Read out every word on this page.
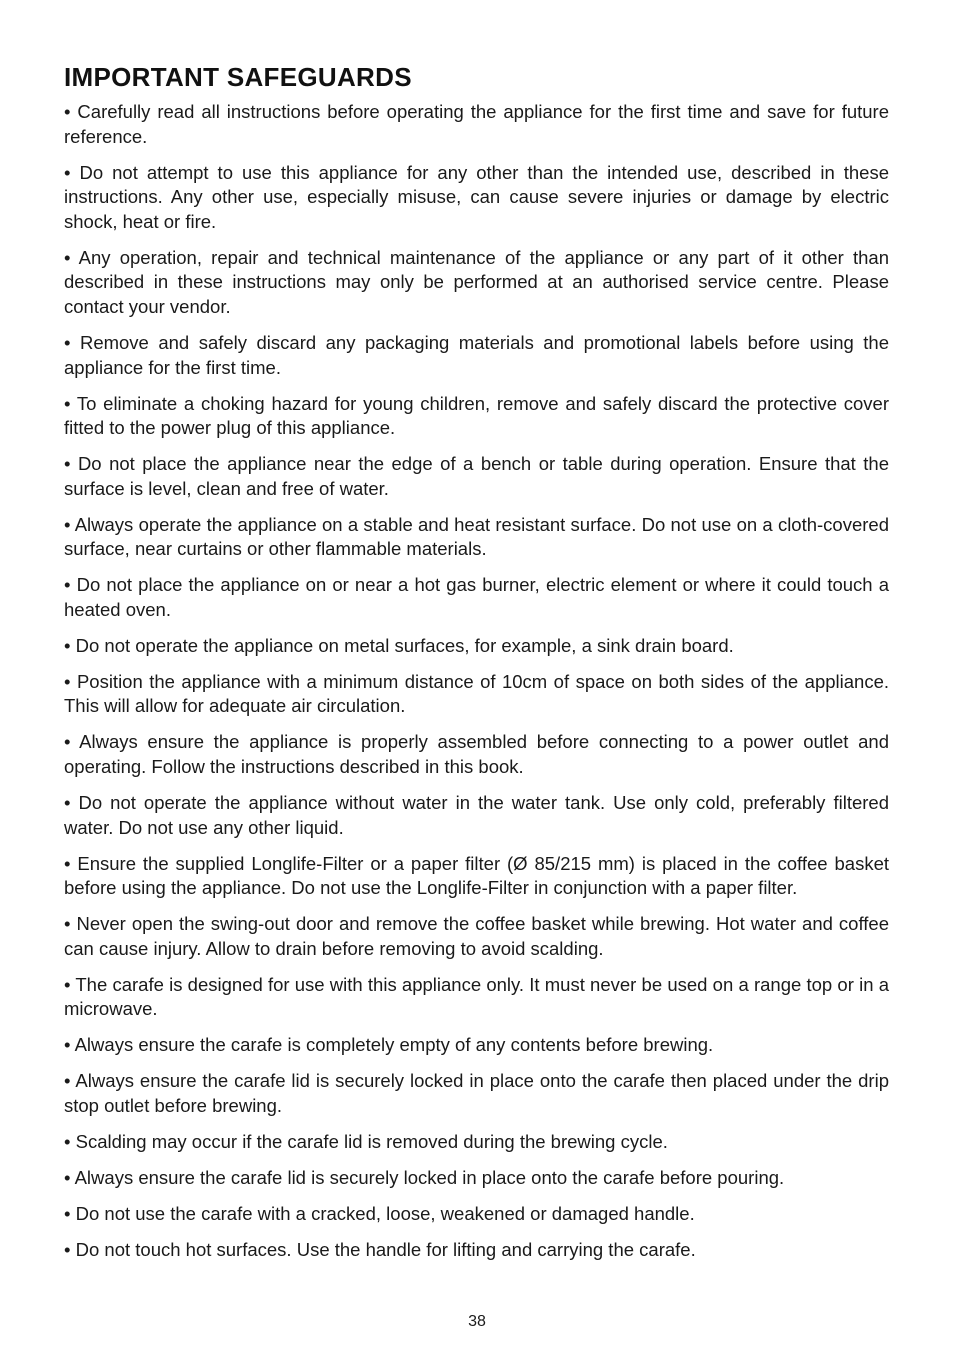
IMPORTANT SAFEGUARDS
• Carefully read all instructions before operating the appliance for the first time and save for future reference.
• Do not attempt to use this appliance for any other than the intended use, described in these instructions. Any other use, especially misuse, can cause severe injuries or damage by electric shock, heat or fire.
• Any operation, repair and technical maintenance of the appliance or any part of it other than described in these instructions may only be performed at an authorised service centre. Please contact your vendor.
• Remove and safely discard any packaging materials and promotional labels before using the appliance for the first time.
• To eliminate a choking hazard for young children, remove and safely discard the protective cover fitted to the power plug of this appliance.
• Do not place the appliance near the edge of a bench or table during operation. Ensure that the surface is level, clean and free of water.
• Always operate the appliance on a stable and heat resistant surface. Do not use on a cloth-covered surface, near curtains or other flammable materials.
• Do not place the appliance on or near a hot gas burner, electric element or where it could touch a heated oven.
• Do not operate the appliance on metal surfaces, for example, a sink drain board.
• Position the appliance with a minimum distance of 10cm of space on both sides of the appliance. This will allow for adequate air circulation.
• Always ensure the appliance is properly assembled before connecting to a power outlet and operating. Follow the instructions described in this book.
• Do not operate the appliance without water in the water tank. Use only cold, preferably filtered water. Do not use any other liquid.
• Ensure the supplied Longlife-Filter or a paper filter (Ø 85/215 mm) is placed in the coffee basket before using the appliance. Do not use the Longlife-Filter in conjunction with a paper filter.
• Never open the swing-out door and remove the coffee basket while brewing. Hot water and coffee can cause injury. Allow to drain before removing to avoid scalding.
• The carafe is designed for use with this appliance only. It must never be used on a range top or in a microwave.
• Always ensure the carafe is completely empty of any contents before brewing.
• Always ensure the carafe lid is securely locked in place onto the carafe then placed under the drip stop outlet before brewing.
• Scalding may occur if the carafe lid is removed during the brewing cycle.
• Always ensure the carafe lid is securely locked in place onto the carafe before pouring.
• Do not use the carafe with a cracked, loose, weakened or damaged handle.
• Do not touch hot surfaces. Use the handle for lifting and carrying the carafe.
38
